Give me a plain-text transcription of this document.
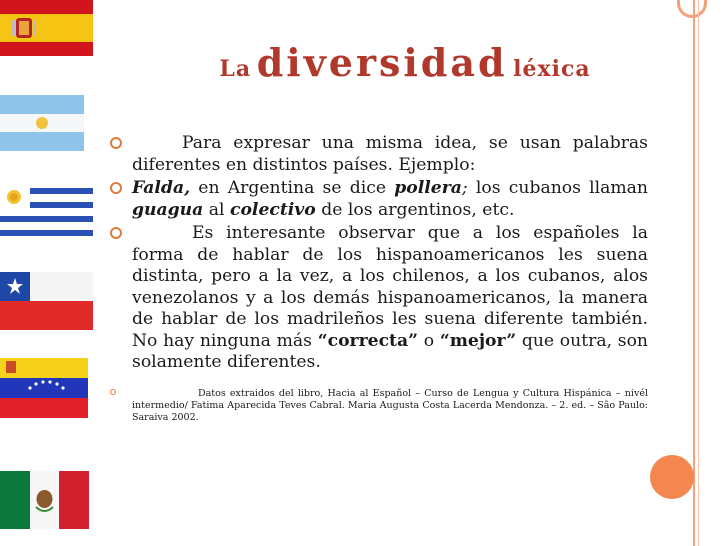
La diversidad léxica
Para expresar una misma idea, se usan palabras diferentes en distintos países. Ejemplo:
Falda, en Argentina se dice pollera; los cubanos llaman guagua al colectivo de los argentinos, etc.
Es interesante observar que a los españoles la forma de hablar de los hispanoamericanos les suena distinta, pero a la vez, a los chilenos, a los cubanos, alos venezolanos y a los demás hispanoamericanos, la manera de hablar de los madrileños les suena diferente también. No hay ninguna más “correcta” o “mejor” que outra, son solamente diferentes.
Datos extraidos del libro, Hacia al Español – Curso de Lengua y Cultura Hispánica – nivél intermedio/ Fatima Aparecida Teves Cabral. Maria Augusta Costa Lacerda Mendonza. – 2. ed. – São Paulo: Saraiva 2002.
